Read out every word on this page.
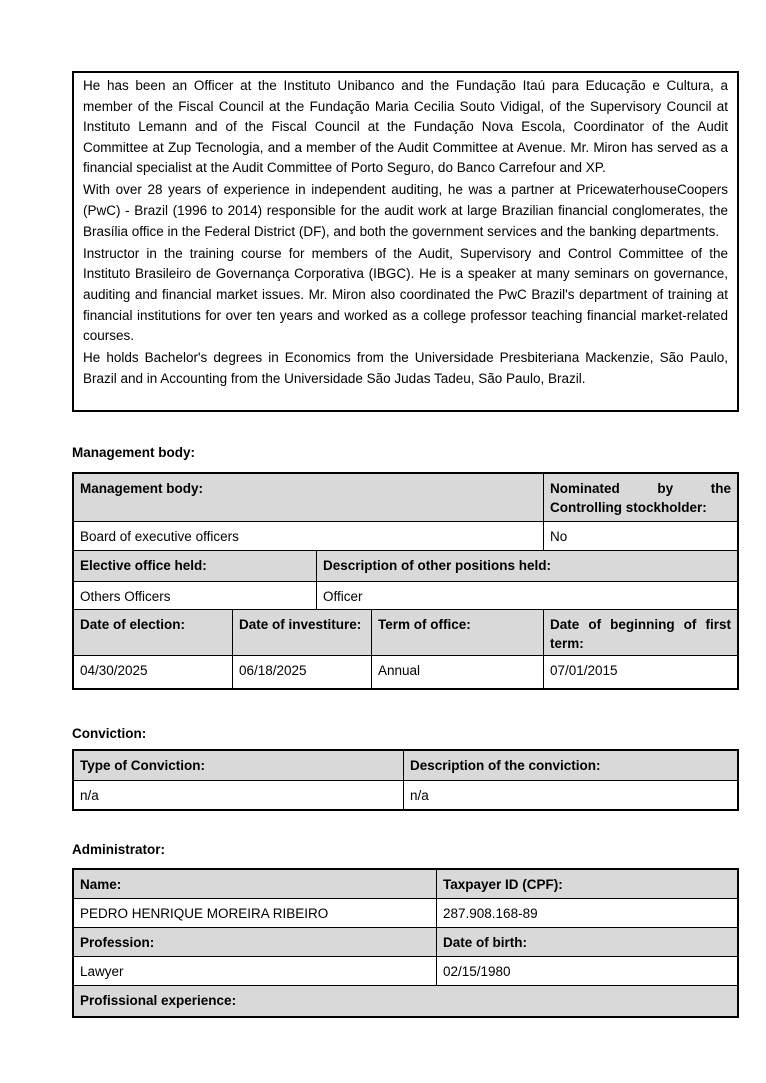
He has been an Officer at the Instituto Unibanco and the Fundação Itaú para Educação e Cultura, a member of the Fiscal Council at the Fundação Maria Cecilia Souto Vidigal, of the Supervisory Council at Instituto Lemann and of the Fiscal Council at the Fundação Nova Escola, Coordinator of the Audit Committee at Zup Tecnologia, and a member of the Audit Committee at Avenue. Mr. Miron has served as a financial specialist at the Audit Committee of Porto Seguro, do Banco Carrefour and XP.

With over 28 years of experience in independent auditing, he was a partner at PricewaterhouseCoopers (PwC) - Brazil (1996 to 2014) responsible for the audit work at large Brazilian financial conglomerates, the Brasília office in the Federal District (DF), and both the government services and the banking departments.

Instructor in the training course for members of the Audit, Supervisory and Control Committee of the Instituto Brasileiro de Governança Corporativa (IBGC). He is a speaker at many seminars on governance, auditing and financial market issues. Mr. Miron also coordinated the PwC Brazil's department of training at financial institutions for over ten years and worked as a college professor teaching financial market-related courses.

He holds Bachelor's degrees in Economics from the Universidade Presbiteriana Mackenzie, São Paulo, Brazil and in Accounting from the Universidade São Judas Tadeu, São Paulo, Brazil.

Management body:

Management body:	Nominated by the Controlling stockholder:
Board of executive officers	No
Elective office held:	Description of other positions held:
Others Officers	Officer
Date of election:	Date of investiture:	Term of office:	Date of beginning of first term:
04/30/2025	06/18/2025	Annual	07/01/2015

Conviction:

Type of Conviction:	Description of the conviction:
n/a	n/a

Administrator:

Name:	Taxpayer ID (CPF):
PEDRO HENRIQUE MOREIRA RIBEIRO	287.908.168-89
Profession:	Date of birth:
Lawyer	02/15/1980
Profissional experience:
